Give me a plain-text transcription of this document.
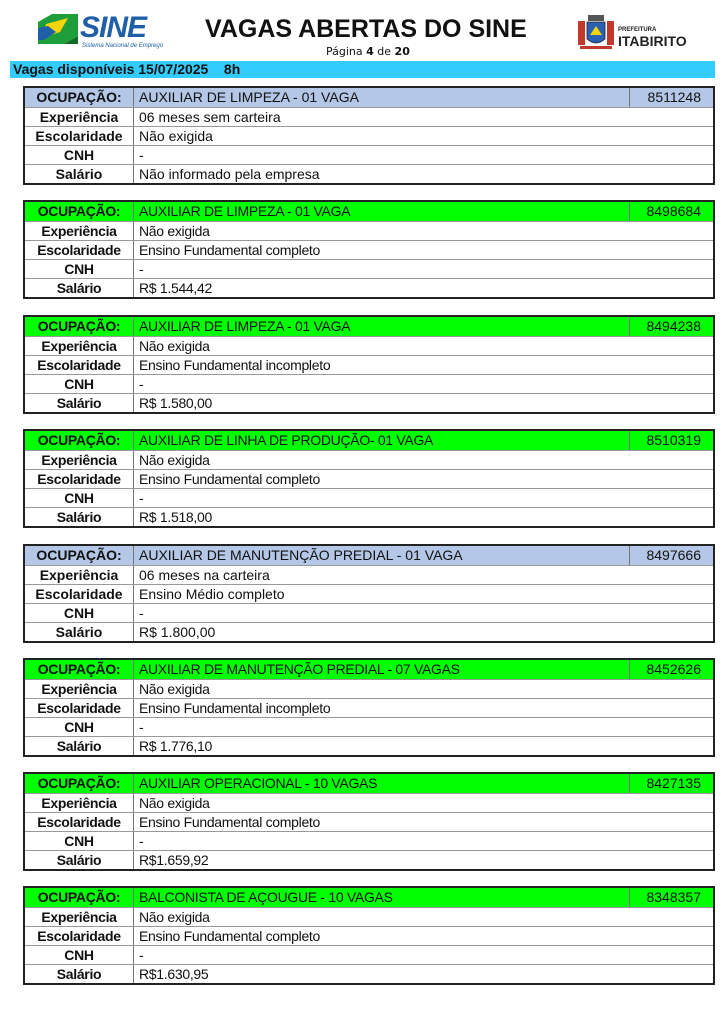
SINE
Sistema Nacional de Emprego
VAGAS ABERTAS DO SINE
Página 4 de 20
PREFEITURA
ITABIRITO
Vagas disponíveis 15/07/2025    8h
OCUPAÇÃO:	AUXILIAR DE LIMPEZA - 01 VAGA	8511248
Experiência	06 meses sem carteira
Escolaridade	Não exigida
CNH	-
Salário	Não informado pela empresa
OCUPAÇÃO:	AUXILIAR DE LIMPEZA - 01 VAGA	8498684
Experiência	Não exigida
Escolaridade	Ensino Fundamental completo
CNH	-
Salário	R$ 1.544,42
OCUPAÇÃO:	AUXILIAR DE LIMPEZA - 01 VAGA	8494238
Experiência	Não exigida
Escolaridade	Ensino Fundamental incompleto
CNH	-
Salário	R$ 1.580,00
OCUPAÇÃO:	AUXILIAR DE LINHA DE PRODUÇÃO- 01 VAGA	8510319
Experiência	Não exigida
Escolaridade	Ensino Fundamental completo
CNH	-
Salário	R$ 1.518,00
OCUPAÇÃO:	AUXILIAR DE MANUTENÇÃO PREDIAL - 01 VAGA	8497666
Experiência	06 meses na carteira
Escolaridade	Ensino Médio completo
CNH	-
Salário	R$ 1.800,00
OCUPAÇÃO:	AUXILIAR DE MANUTENÇÃO PREDIAL - 07 VAGAS	8452626
Experiência	Não exigida
Escolaridade	Ensino Fundamental incompleto
CNH	-
Salário	R$ 1.776,10
OCUPAÇÃO:	AUXILIAR OPERACIONAL - 10 VAGAS	8427135
Experiência	Não exigida
Escolaridade	Ensino Fundamental completo
CNH	-
Salário	R$1.659,92
OCUPAÇÃO:	BALCONISTA DE AÇOUGUE - 10 VAGAS	8348357
Experiência	Não exigida
Escolaridade	Ensino Fundamental completo
CNH	-
Salário	R$1.630,95
